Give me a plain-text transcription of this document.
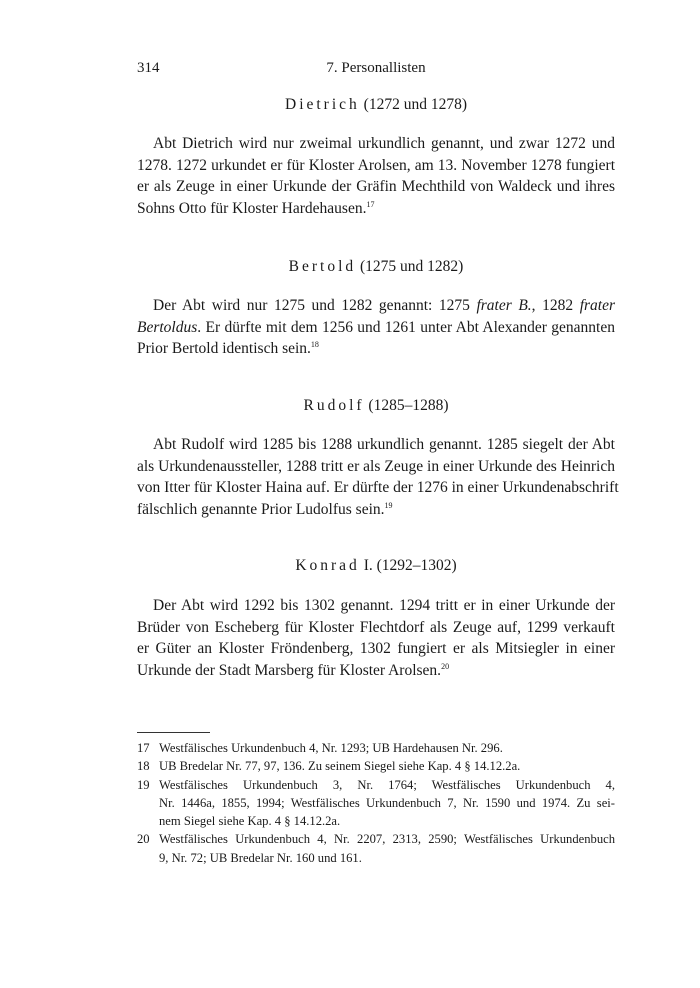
314	7. Personallisten
Dietrich (1272 und 1278)
Abt Dietrich wird nur zweimal urkundlich genannt, und zwar 1272 und
1278. 1272 urkundet er für Kloster Arolsen, am 13. November 1278 fungiert
er als Zeuge in einer Urkunde der Gräfin Mechthild von Waldeck und ihres
Sohns Otto für Kloster Hardehausen.$^{17}$
Bertold (1275 und 1282)
Der Abt wird nur 1275 und 1282 genannt: 1275 frater B., 1282 frater
Bertoldus. Er dürfte mit dem 1256 und 1261 unter Abt Alexander genannten
Prior Bertold identisch sein.$^{18}$
Rudolf (1285–1288)
Abt Rudolf wird 1285 bis 1288 urkundlich genannt. 1285 siegelt der Abt
als Urkundenaussteller, 1288 tritt er als Zeuge in einer Urkunde des Heinrich
von Itter für Kloster Haina auf. Er dürfte der 1276 in einer Urkundenabschrift
fälschlich genannte Prior Ludolfus sein.$^{19}$
Konrad I. (1292–1302)
Der Abt wird 1292 bis 1302 genannt. 1294 tritt er in einer Urkunde der
Brüder von Escheberg für Kloster Flechtdorf als Zeuge auf, 1299 verkauft
er Güter an Kloster Fröndenberg, 1302 fungiert er als Mitsiegler in einer
Urkunde der Stadt Marsberg für Kloster Arolsen.$^{20}$
17 Westfälisches Urkundenbuch 4, Nr. 1293; UB Hardehausen Nr. 296.
18 UB Bredelar Nr. 77, 97, 136. Zu seinem Siegel siehe Kap. 4 § 14.12.2a.
19 Westfälisches Urkundenbuch 3, Nr. 1764; Westfälisches Urkundenbuch 4,
Nr. 1446a, 1855, 1994; Westfälisches Urkundenbuch 7, Nr. 1590 und 1974. Zu sei-
nem Siegel siehe Kap. 4 § 14.12.2a.
20 Westfälisches Urkundenbuch 4, Nr. 2207, 2313, 2590; Westfälisches Urkundenbuch
9, Nr. 72; UB Bredelar Nr. 160 und 161.
